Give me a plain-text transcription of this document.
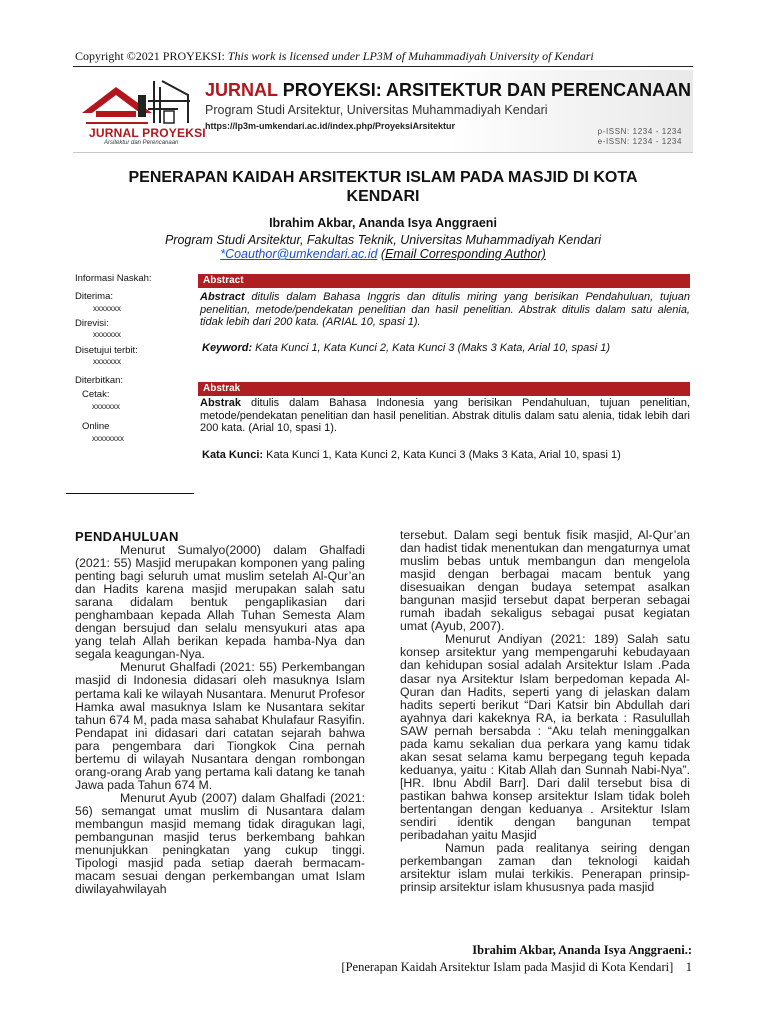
Copyright ©2021 PROYEKSI: This work is licensed under LP3M of Muhammadiyah University of Kendari
JURNAL PROYEKSI
Arsitektur dan Perencanaan
JURNAL PROYEKSI: ARSITEKTUR DAN PERENCANAAN
Program Studi Arsitektur, Universitas Muhammadiyah Kendari
https://lp3m-umkendari.ac.id/index.php/ProyeksiArsitektur
p-ISSN: 1234 - 1234
e-ISSN: 1234 - 1234
PENERAPAN KAIDAH ARSITEKTUR ISLAM PADA MASJID DI KOTA
KENDARI
Ibrahim Akbar, Ananda Isya Anggraeni
Program Studi Arsitektur, Fakultas Teknik, Universitas Muhammadiyah Kendari
*Coauthor@umkendari.ac.id (Email Corresponding Author)
Informasi Naskah:
Diterima:
xxxxxxx
Direvisi:
xxxxxxx
Disetujui terbit:
xxxxxxx
Diterbitkan:
Cetak:
xxxxxxx
Online
xxxxxxxx
Abstract
Abstract ditulis dalam Bahasa Inggris dan ditulis miring yang berisikan Pendahuluan, tujuan penelitian, metode/pendekatan penelitian dan hasil penelitian. Abstrak ditulis dalam satu alenia, tidak lebih dari 200 kata. (ARIAL 10, spasi 1).
Keyword: Kata Kunci 1, Kata Kunci 2, Kata Kunci 3 (Maks 3 Kata, Arial 10, spasi 1)
Abstrak
Abstrak ditulis dalam Bahasa Indonesia yang berisikan Pendahuluan, tujuan penelitian, metode/pendekatan penelitian dan hasil penelitian. Abstrak ditulis dalam satu alenia, tidak lebih dari 200 kata. (Arial 10, spasi 1).
Kata Kunci: Kata Kunci 1, Kata Kunci 2, Kata Kunci 3 (Maks 3 Kata, Arial 10, spasi 1)
PENDAHULUAN

Menurut Sumalyo(2000) dalam Ghalfadi (2021: 55) Masjid merupakan komponen yang paling penting bagi seluruh umat muslim setelah Al-Qur’an dan Hadits karena masjid merupakan salah satu sarana didalam bentuk pengaplikasian dari penghambaan kepada Allah Tuhan Semesta Alam dengan bersujud dan selalu mensyukuri atas apa yang telah Allah berikan kepada hamba-Nya dan segala keagungan-Nya.

Menurut Ghalfadi (2021: 55) Perkembangan masjid di Indonesia didasari oleh masuknya Islam pertama kali ke wilayah Nusantara. Menurut Profesor Hamka awal masuknya Islam ke Nusantara sekitar tahun 674 M, pada masa sahabat Khulafaur Rasyifin. Pendapat ini didasari dari catatan sejarah bahwa para pengembara dari Tiongkok Cina pernah bertemu di wilayah Nusantara dengan rombongan orang-orang Arab yang pertama kali datang ke tanah Jawa pada Tahun 674 M.

Menurut Ayub (2007) dalam Ghalfadi (2021: 56) semangat umat muslim di Nusantara dalam membangun masjid memang tidak diragukan lagi, pembangunan masjid terus berkembang bahkan menunjukkan peningkatan yang cukup tinggi. Tipologi masjid pada setiap daerah bermacam-macam sesuai dengan perkembangan umat Islam diwilayahwilayah

tersebut. Dalam segi bentuk fisik masjid, Al-Qur’an dan hadist tidak menentukan dan mengaturnya umat muslim bebas untuk membangun dan mengelola masjid dengan berbagai macam bentuk yang disesuaikan dengan budaya setempat asalkan bangunan masjid tersebut dapat berperan sebagai rumah ibadah sekaligus sebagai pusat kegiatan umat (Ayub, 2007).

Menurut Andiyan (2021: 189) Salah satu konsep arsitektur yang mempengaruhi kebudayaan dan kehidupan sosial adalah Arsitektur Islam .Pada dasar nya Arsitektur Islam berpedoman kepada Al-Quran dan Hadits, seperti yang di jelaskan dalam hadits seperti berikut “Dari Katsir bin Abdullah dari ayahnya dari kakeknya RA, ia berkata : Rasulullah SAW pernah bersabda : “Aku telah meninggalkan pada kamu sekalian dua perkara yang kamu tidak akan sesat selama kamu berpegang teguh kepada keduanya, yaitu : Kitab Allah dan Sunnah Nabi-Nya”. [HR. Ibnu Abdil Barr]. Dari dalil tersebut bisa di pastikan bahwa konsep arsitektur Islam tidak boleh bertentangan dengan keduanya . Arsitektur Islam sendiri identik dengan bangunan tempat peribadahan yaitu Masjid

Namun pada realitanya seiring dengan perkembangan zaman dan teknologi kaidah arsitektur islam mulai terkikis. Penerapan prinsip-prinsip arsitektur islam khususnya pada masjid

Ibrahim Akbar, Ananda Isya Anggraeni.:
[Penerapan Kaidah Arsitektur Islam pada Masjid di Kota Kendari] 1
